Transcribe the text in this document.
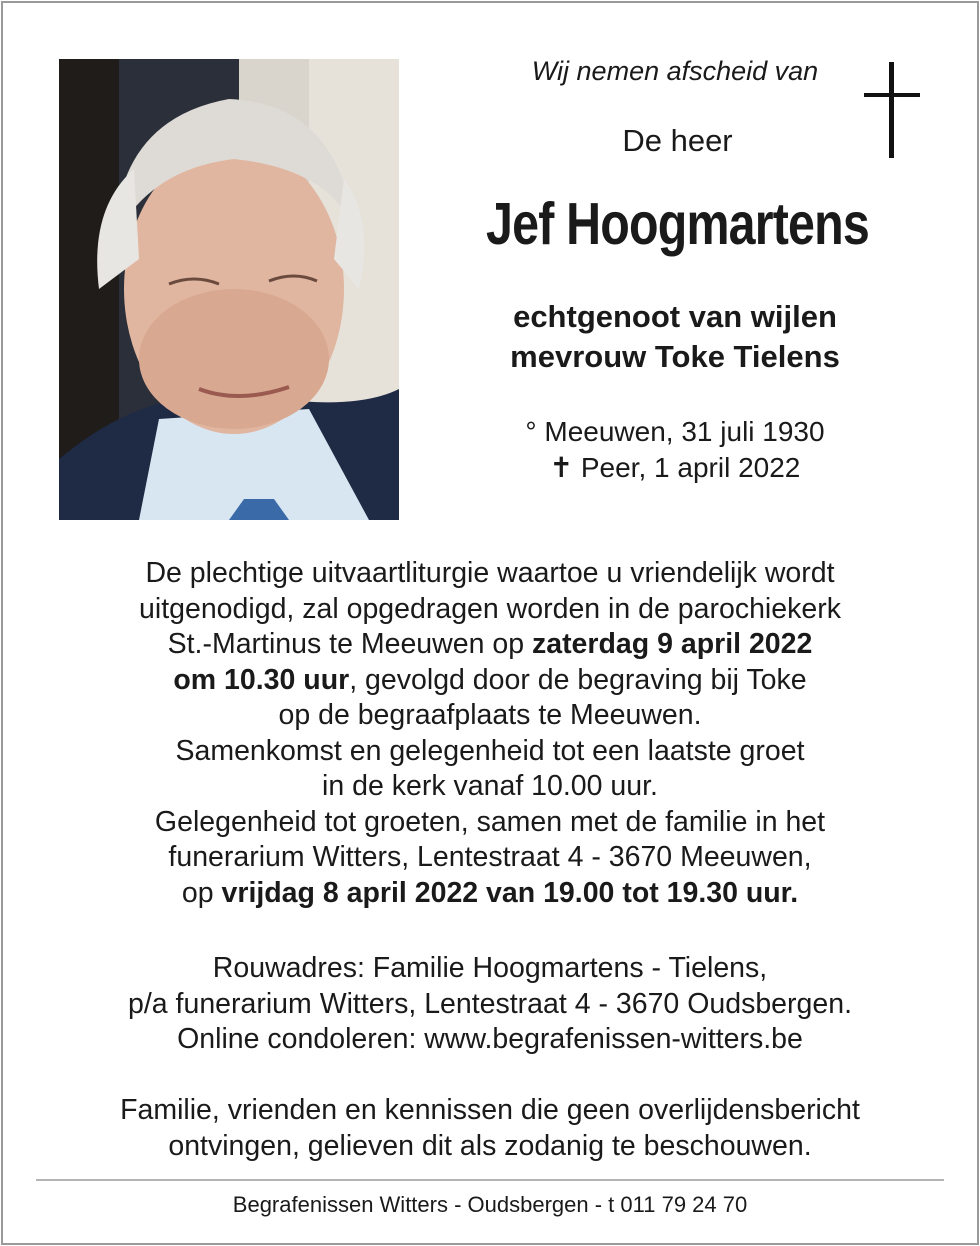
Wij nemen afscheid van
De heer
Jef Hoogmartens
echtgenoot van wijlen
mevrouw Toke Tielens
° Meeuwen, 31 juli 1930
✝ Peer, 1 april 2022

De plechtige uitvaartliturgie waartoe u vriendelijk wordt

uitgenodigd, zal opgedragen worden in de parochiekerk

St.-Martinus te Meeuwen op zaterdag 9 april 2022

om 10.30 uur, gevolgd door de begraving bij Toke

op de begraafplaats te Meeuwen.

Samenkomst en gelegenheid tot een laatste groet

in de kerk vanaf 10.00 uur.

Gelegenheid tot groeten, samen met de familie in het

funerarium Witters, Lentestraat 4 - 3670 Meeuwen,

op vrijdag 8 april 2022 van 19.00 tot 19.30 uur.

Rouwadres: Familie Hoogmartens - Tielens,

p/a funerarium Witters, Lentestraat 4 - 3670 Oudsbergen.

Online condoleren: www.begrafenissen-witters.be

Familie, vrienden en kennissen die geen overlijdensbericht

ontvingen, gelieven dit als zodanig te beschouwen.

Begrafenissen Witters - Oudsbergen - t 011 79 24 70
